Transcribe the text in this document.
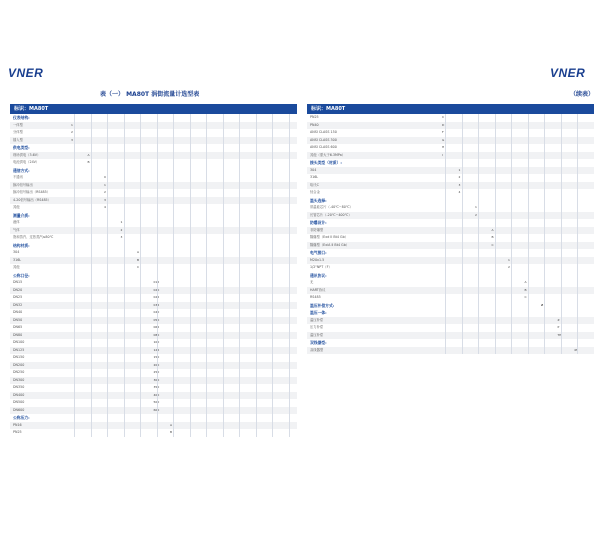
VNER	VNER
表（一） MA80T 涡街流量计选型表	（续表）
标识：MA80T
仪表结构:
一体型	1
分体型	2
插入型	3
供电类型:
现场供电（3.6V）	A
电池供电（24V）	B
通信方式:
不通讯	0
脉冲信号输出	1
脉冲信号输出（RS485）	2
4-20信号输出（RS485）	3
其他	4
测量介质:
液体	1
气体	2
饱和蒸汽、过热蒸汽≤80℃	3
结构材质:
304	A
316L	B
其他	C
公称口径:
DN15	015
DN20	020
DN25	025
DN32	032
DN40	040
DN50	050
DN65	065
DN80	080
DN100	100
DN125	125
DN150	150
DN200	200
DN250	250
DN300	300
DN350	350
DN400	400
DN500	500
DN600	600
公称压力:
PN16	A
PN25	B
标识：MA80T
PN25	C
PN40	D
ANSI CLASS 150	F
ANSI CLASS 300	G
ANSI CLASS 600	H
其他（需大于6.3MPa）	I
接头类型（材质）:
304	1
316L	2
哈氏C	3
钛合金	4
温头选择:
常温硅芯片（-40℃~80℃）	1
长管芯片（-20℃~400℃）	2
防爆设计:
非防爆型	A
隔爆型（Exd II Bt4 Gb）	B
隔爆型（ExiA II Bt4 Gb）	C
电气接口:
M20x1.5	1
1/2"NPT（F）	2
通讯协议:
无	A
HART协议	B
RS485	C
温压补偿方式:	Z
温压一体:
温压补偿	Z
压力补偿	P
温压补偿	TP
双线器型:
双线器型	4T
